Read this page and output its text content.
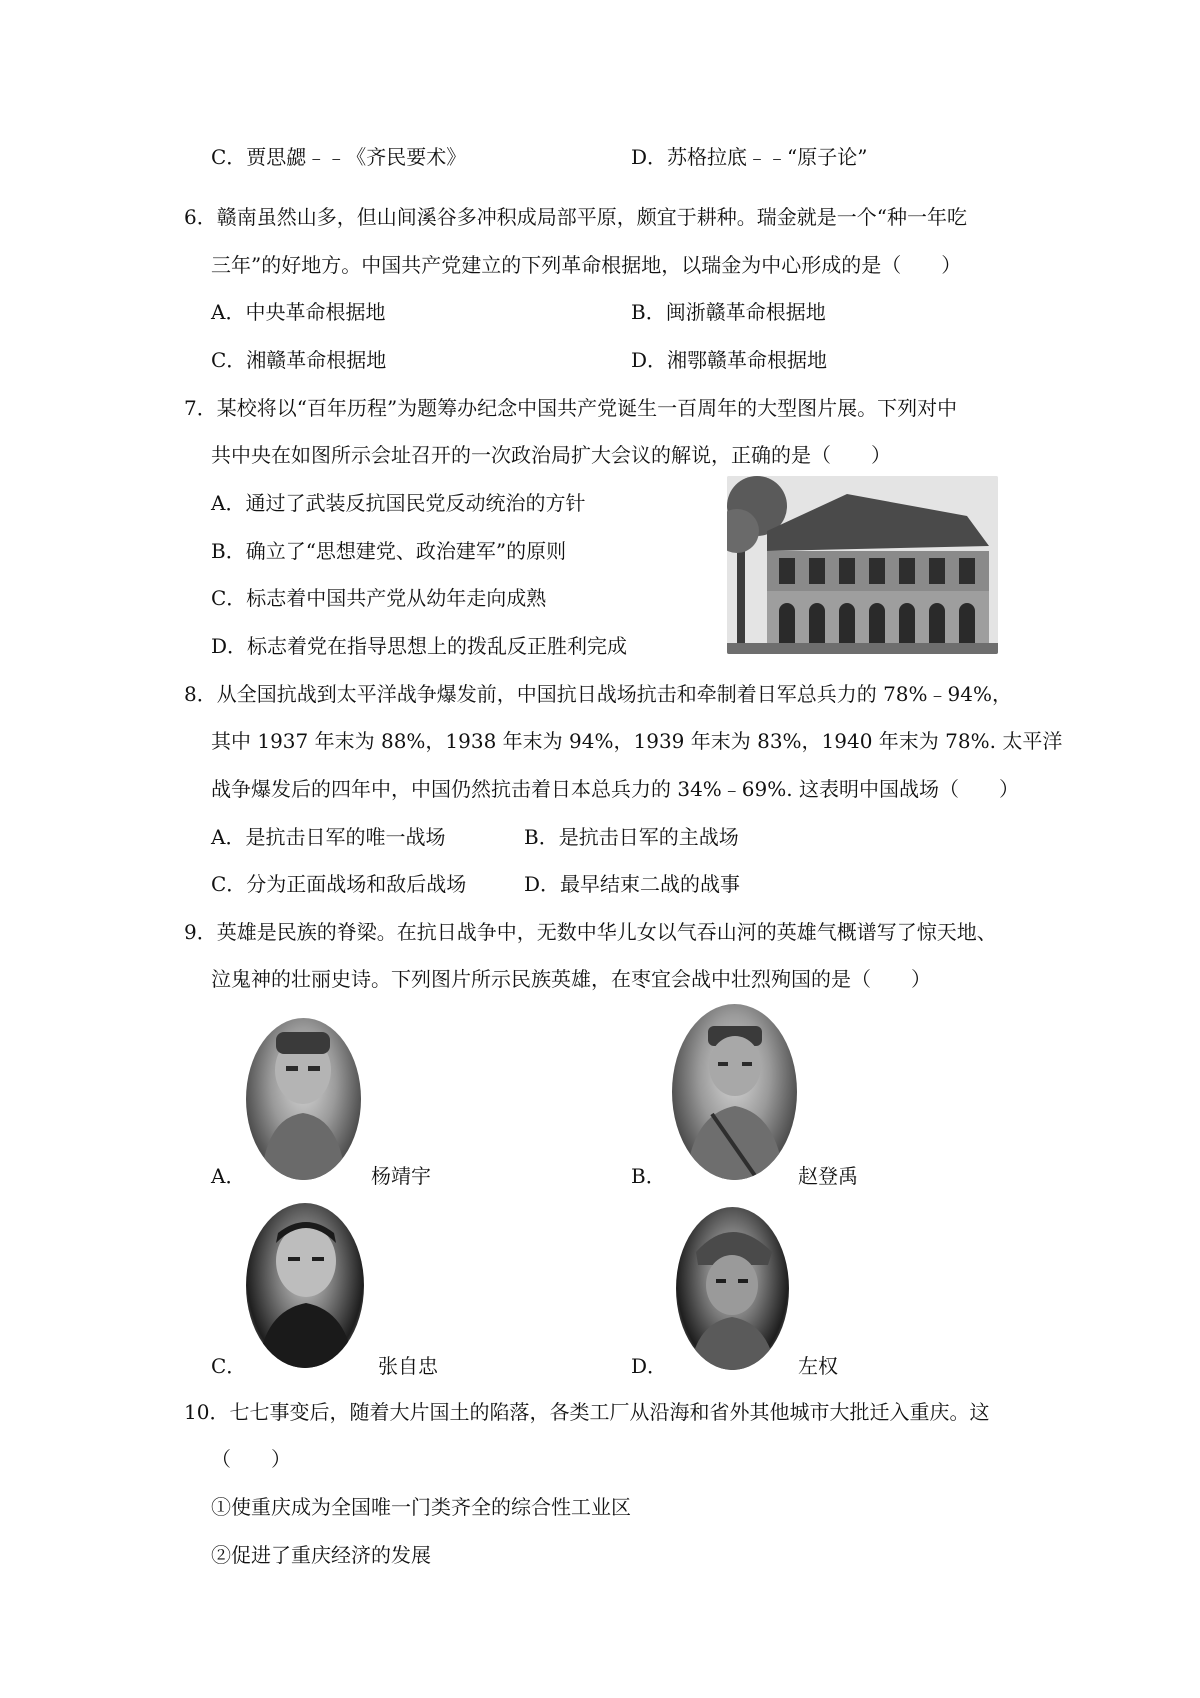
C．贾思勰﹣﹣《齐民要术》	D．苏格拉底﹣﹣“原子论”
6．赣南虽然山多，但山间溪谷多冲积成局部平原，颇宜于耕种。瑞金就是一个“种一年吃
三年”的好地方。中国共产党建立的下列革命根据地，以瑞金为中心形成的是（　　）
A．中央革命根据地	B．闽浙赣革命根据地
C．湘赣革命根据地	D．湘鄂赣革命根据地
7．某校将以“百年历程”为题筹办纪念中国共产党诞生一百周年的大型图片展。下列对中
共中央在如图所示会址召开的一次政治局扩大会议的解说，正确的是（　　）
A．通过了武装反抗国民党反动统治的方针
B．确立了“思想建党、政治建军”的原则
C．标志着中国共产党从幼年走向成熟
D．标志着党在指导思想上的拨乱反正胜利完成
8．从全国抗战到太平洋战争爆发前，中国抗日战场抗击和牵制着日军总兵力的 78%﹣94%，
其中 1937 年末为 88%，1938 年末为 94%，1939 年末为 83%，1940 年末为 78%. 太平洋
战争爆发后的四年中，中国仍然抗击着日本总兵力的 34%﹣69%. 这表明中国战场（　　）
A．是抗击日军的唯一战场	B．是抗击日军的主战场
C．分为正面战场和敌后战场	D．最早结束二战的战事
9．英雄是民族的脊梁。在抗日战争中，无数中华儿女以气吞山河的英雄气概谱写了惊天地、
泣鬼神的壮丽史诗。下列图片所示民族英雄，在枣宜会战中壮烈殉国的是（　　）
A．	杨靖宇	B．	赵登禹
C．	张自忠	D．	左权
10．七七事变后，随着大片国土的陷落，各类工厂从沿海和省外其他城市大批迁入重庆。这
（　　）
①使重庆成为全国唯一门类齐全的综合性工业区
②促进了重庆经济的发展
